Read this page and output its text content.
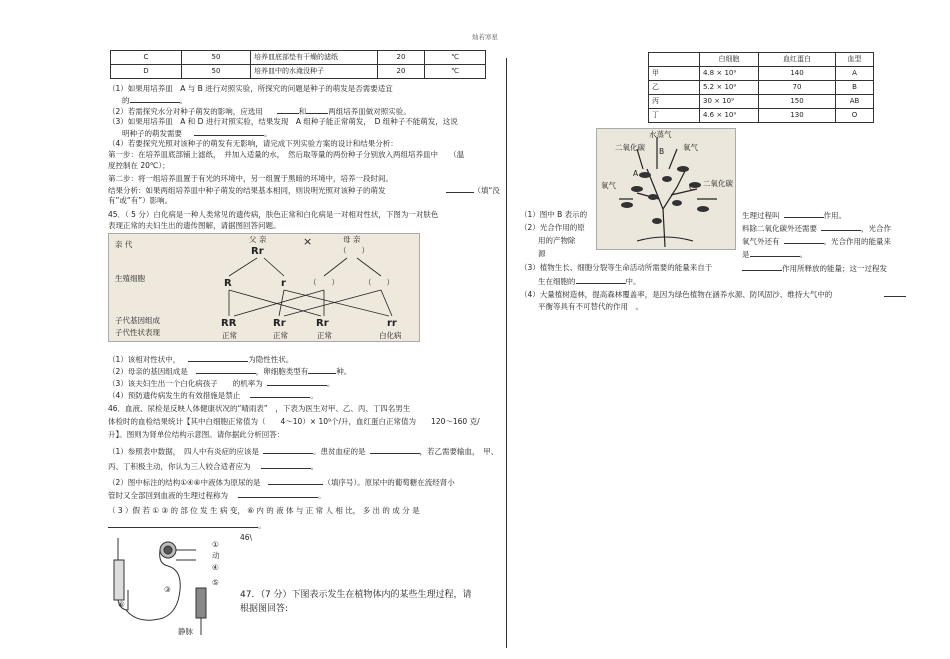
灿若寒星
C	50	培养皿底部垫有干燥的滤纸	20	℃
D	50	培养皿中的水淹没种子	20	℃
（1）如果用培养皿　A 与 B 进行对照实验，所探究的问题是种子的萌发是否需要适宜
的	。
（2）若需探究水分对种子萌发的影响，应选用	和	两组培养皿做对照实验。
（3）如果用培养皿　A 和 D 进行对照实验，结果发现　A 组种子能正常萌发，　D 组种子不能萌发，这说
明种子的萌发需要	。
（4）若要探究光照对该种子的萌发有无影响，请完成下列实验方案的设计和结果分析：
第一步：在培养皿底部铺上滤纸，　并加入适量的水，　然后取等量的两份种子分别放入两组培养皿中　　（温
度控制在 20℃）；
第二步：将一组培养皿置于有光的环境中，另一组置于黑暗的环境中，培养一段时间。
结果分析：如果两组培养皿中种子萌发的结果基本相同，则说明光照对该种子的萌发	（填“没
有”或“有”）影响。
45．（ 5 分）白化病是一种人类常见的遗传病，肤色正常和白化病是一对相对性状，下图为一对肤色
表现正常的夫妇生出的遗传图解，请据图回答问题。
亲 代
生殖细胞
子代基因组成
子代性状表现
父 亲	×	母 亲
Rr	（　　）
R	r	（　　）	（　　）
RR	Rr	Rr	rr
正常	正常	正常	白化病
（1）该相对性状中，	为隐性性状。
（2）母亲的基因组成是	，卵细胞类型有	种。
（3）该夫妇生出一个白化病孩子　　的机率为	。
（4）预防遗传病发生的有效措施是禁止	。
46．血液、尿检是反映人体健康状况的“晴雨表”　，下表为医生对甲、乙、丙、丁四名男生
体检时的血检结果统计【其中白细胞正常值为（　　4～10）× 10⁹个/升，血红蛋白正常值为　　120～160 克/
升】。图则为肾单位结构示意图。请你据此分析回答：
（1）参照表中数据，　四人中有炎症的应该是	。患贫血症的是	，若乙需要输血，　甲、
丙、丁积极主动，你认为三人较合适者应为	。
（2）图中标注的结构①④⑥中液体为原尿的是	（填序号）。原尿中的葡萄糖在流经肾小
管时又全部回到血液的生理过程称为	。
（ 3 ）假 若 ① ③ 的 部 位 发 生 病 变， ⑥ 内 的 液 体 与 正 常 人 相 比， 多 出 的 成 分 是
。
46\
①
动
④
⑤
③
⑥
静脉
47．（7 分）下图表示发生在植物体内的某些生理过程，请
根据图回答:
	白细胞	血红蛋白	血型
甲	4.8 × 10⁹	140	A
乙	5.2 × 10⁹	70	B
丙	30 × 10⁹	150	AB
丁	4.6 × 10⁹	130	O
水蒸气
二氧化碳	氧气
B
A
氧气	C 二氧化碳
（1）图中 B 表示的	生理过程叫	作用。
（2）光合作用的原	料除二氧化碳外还需要	，光合作
用的产物除	氧气外还有	。光合作用的能量来
源	是	。
（3）植物生长、细胞分裂等生命活动所需要的能量来自于	作用所释放的能量；这一过程发
生在细胞的	中。
（4）大量植树造林，提高森林覆盖率，是因为绿色植物在涵养水源、防风固沙、维持大气中的
平衡等具有不可替代的作用　。
